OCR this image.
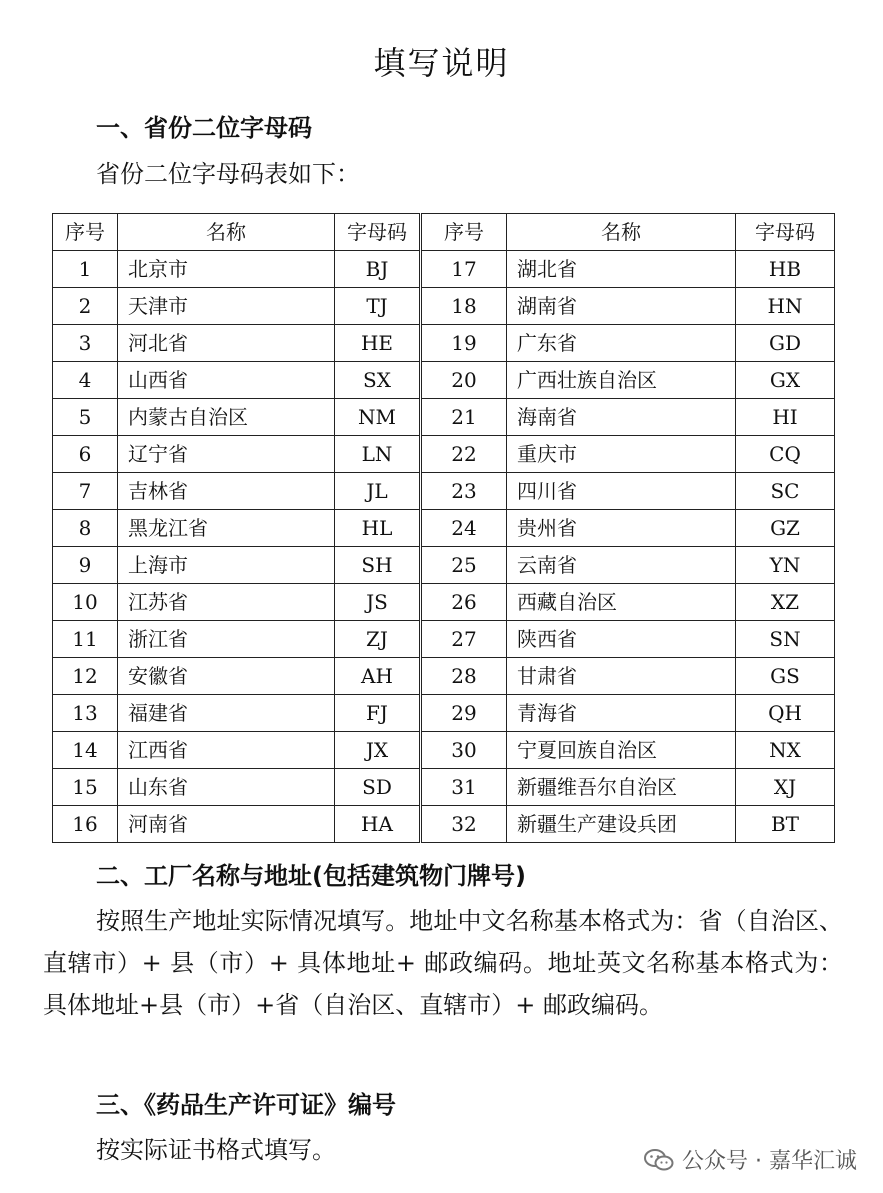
填写说明
一、省份二位字母码
省份二位字母码表如下：
序号	名称	字母码	序号	名称	字母码
1	北京市	BJ	17	湖北省	HB
2	天津市	TJ	18	湖南省	HN
3	河北省	HE	19	广东省	GD
4	山西省	SX	20	广西壮族自治区	GX
5	内蒙古自治区	NM	21	海南省	HI
6	辽宁省	LN	22	重庆市	CQ
7	吉林省	JL	23	四川省	SC
8	黑龙江省	HL	24	贵州省	GZ
9	上海市	SH	25	云南省	YN
10	江苏省	JS	26	西藏自治区	XZ
11	浙江省	ZJ	27	陕西省	SN
12	安徽省	AH	28	甘肃省	GS
13	福建省	FJ	29	青海省	QH
14	江西省	JX	30	宁夏回族自治区	NX
15	山东省	SD	31	新疆维吾尔自治区	XJ
16	河南省	HA	32	新疆生产建设兵团	BT
二、工厂名称与地址(包括建筑物门牌号)
按照生产地址实际情况填写。地址中文名称基本格式为：省（自治区、直辖市）+ 县（市）+ 具体地址+ 邮政编码。地址英文名称基本格式为：具体地址+县（市）+省（自治区、直辖市）+ 邮政编码。
三、《药品生产许可证》编号
按实际证书格式填写。	公众号 · 嘉华汇诚
